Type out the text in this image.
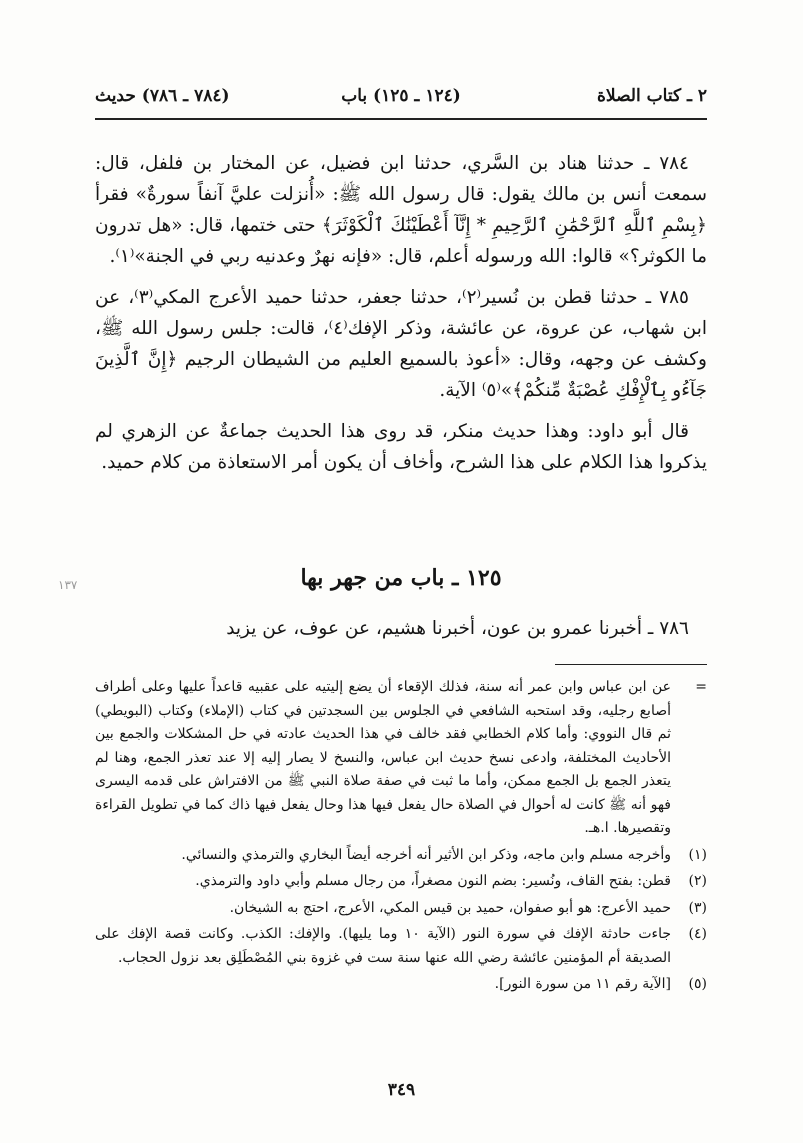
٢ ـ كتاب الصلاة
(١٢٤ ـ ١٢٥) باب
(٧٨٤ ـ ٧٨٦) حديث

٧٨٤ ـ حدثنا هناد بن السَّري، حدثنا ابن فضيل، عن المختار بن فلفل، قال: سمعت أنس بن مالك يقول: قال رسول الله ﷺ: «أُنزلت عليَّ آنفاً سورةٌ» فقرأ ﴿بِسْمِ ٱللَّهِ ٱلرَّحْمَٰنِ ٱلرَّحِيمِ * إِنَّآ أَعْطَيْنَٰكَ ٱلْكَوْثَرَ﴾ حتى ختمها، قال: «هل تدرون ما الكوثر؟» قالوا: الله ورسوله أعلم، قال: «فإنه نهرٌ وعدنيه ربي في الجنة»⁽١⁾.

٧٨٥ ـ حدثنا قطن بن نُسير⁽٢⁾، حدثنا جعفر، حدثنا حميد الأعرج المكي⁽٣⁾، عن ابن شهاب، عن عروة، عن عائشة، وذكر الإفك⁽٤⁾، قالت: جلس رسول الله ﷺ، وكشف عن وجهه، وقال: «أعوذ بالسميع العليم من الشيطان الرجيم ﴿إِنَّ ٱلَّذِينَ جَآءُو بِٱلْإِفْكِ عُصْبَةٌ مِّنكُمْ﴾»⁽٥⁾ الآية.

قال أبو داود: وهذا حديث منكر، قد روى هذا الحديث جماعةٌ عن الزهري لم يذكروا هذا الكلام على هذا الشرح، وأخاف أن يكون أمر الاستعاذة من كلام حميد.

١٣٧	١٢٥ ـ باب من جهر بها
٧٨٦ ـ أخبرنا عمرو بن عون، أخبرنا هشيم، عن عوف، عن يزيد
=
عن ابن عباس وابن عمر أنه سنة، فذلك الإقعاء أن يضع إليتيه على عقبيه قاعداً عليها وعلى أطراف أصابع رجليه، وقد استحبه الشافعي في الجلوس بين السجدتين في كتاب (الإملاء) وكتاب (البويطي) ثم قال النووي: وأما كلام الخطابي فقد خالف في هذا الحديث عادته في حل المشكلات والجمع بين الأحاديث المختلفة، وادعى نسخ حديث ابن عباس، والنسخ لا يصار إليه إلا عند تعذر الجمع، وهنا لم يتعذر الجمع بل الجمع ممكن، وأما ما ثبت في صفة صلاة النبي ﷺ من الافتراش على قدمه اليسرى فهو أنه ﷺ كانت له أحوال في الصلاة حال يفعل فيها هذا وحال يفعل فيها ذاك كما في تطويل القراءة وتقصيرها. ا.هـ.
(١)
وأخرجه مسلم وابن ماجه، وذكر ابن الأثير أنه أخرجه أيضاً البخاري والترمذي والنسائي.
(٢)
قطن: بفتح القاف، ونُسير: بضم النون مصغراً، من رجال مسلم وأبي داود والترمذي.
(٣)
حميد الأعرج: هو أبو صفوان، حميد بن قيس المكي، الأعرج، احتج به الشيخان.
(٤)
جاءت حادثة الإفك في سورة النور (الآية ١٠ وما يليها). والإفك: الكذب. وكانت قصة الإفك على الصديقة أم المؤمنين عائشة رضي الله عنها سنة ست في غزوة بني المُصْطَلِق بعد نزول الحجاب.
(٥)
[الآية رقم ١١ من سورة النور].
٣٤٩
